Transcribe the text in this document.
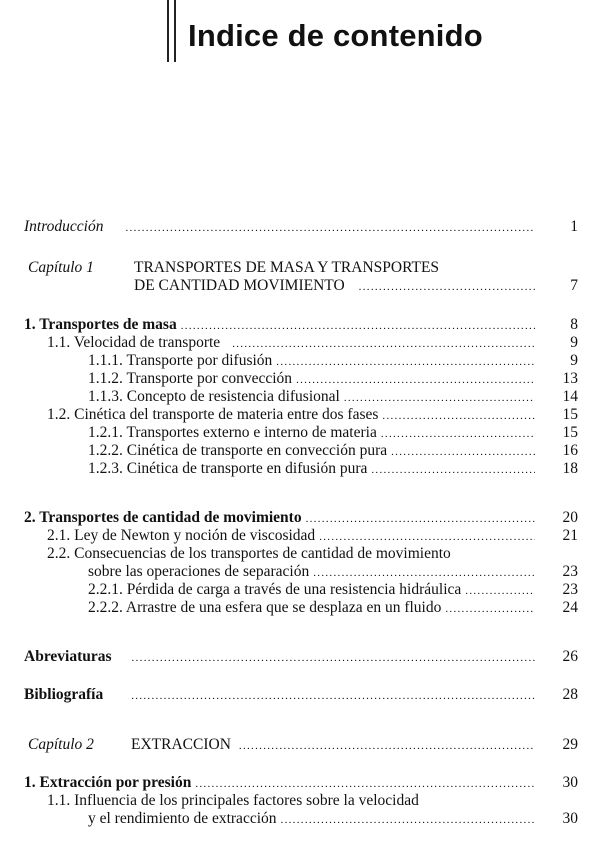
Indice de contenido
Introducción .....	1
Capítulo 1	TRANSPORTES DE MASA Y TRANSPORTES
DE CANTIDAD MOVIMIENTO .....	7
1. Transportes de masa .....	8
1.1. Velocidad de transporte .....	9
1.1.1. Transporte por difusión .....	9
1.1.2. Transporte por convección .....	13
1.1.3. Concepto de resistencia difusional .....	14
1.2. Cinética del transporte de materia entre dos fases .....	15
1.2.1. Transportes externo e interno de materia .....	15
1.2.2. Cinética de transporte en convección pura .....	16
1.2.3. Cinética de transporte en difusión pura .....	18
2. Transportes de cantidad de movimiento .....	20
2.1. Ley de Newton y noción de viscosidad .....	21
2.2. Consecuencias de los transportes de cantidad de movimiento
sobre las operaciones de separación .....	23
2.2.1. Pérdida de carga a través de una resistencia hidráulica .....	23
2.2.2. Arrastre de una esfera que se desplaza en un fluido .....	24
Abreviaturas .....	26
Bibliografía .....	28
Capítulo 2 EXTRACCION .....	29
1. Extracción por presión .....	30
1.1. Influencia de los principales factores sobre la velocidad
y el rendimiento de extracción .....	30
